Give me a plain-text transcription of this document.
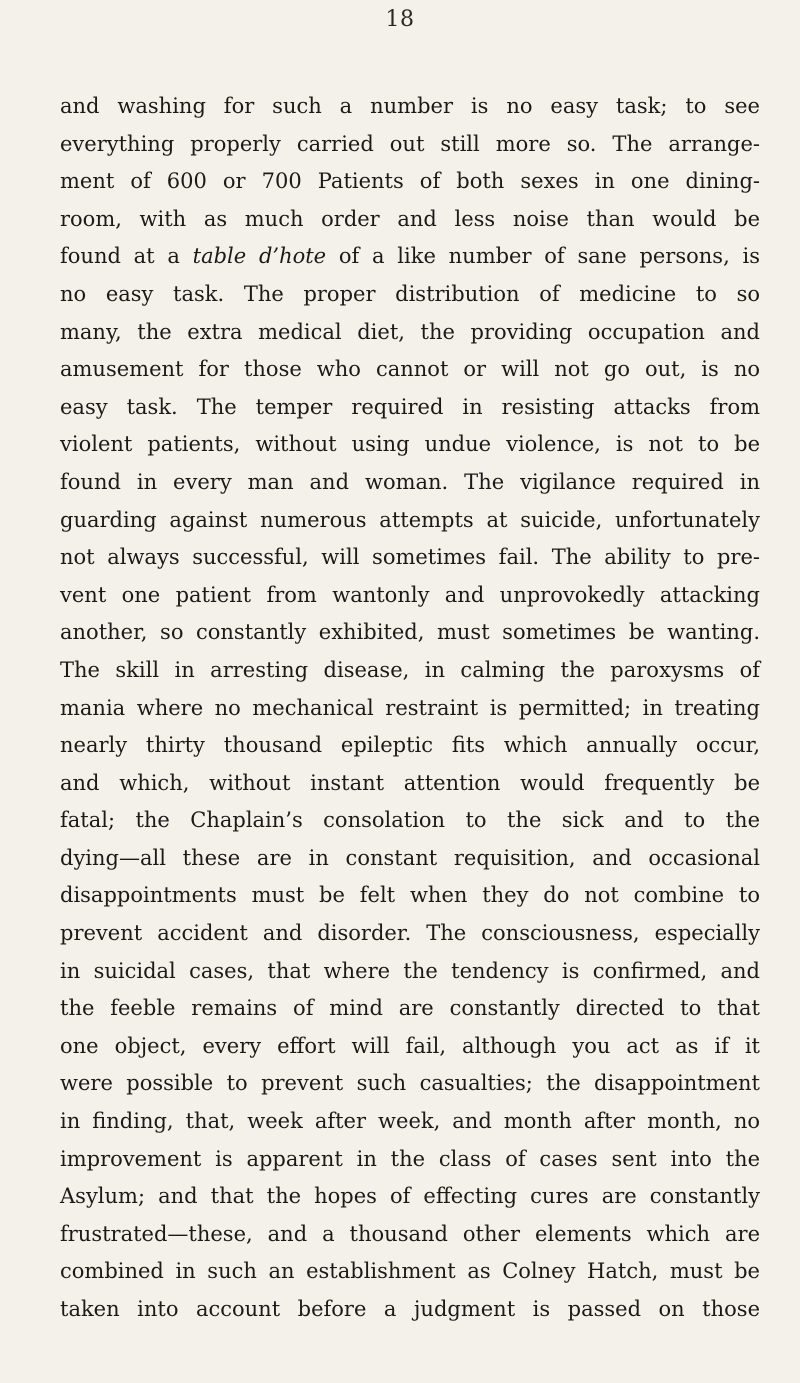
18
and washing for such a number is no easy task; to see
everything properly carried out still more so. The arrange-
ment of 600 or 700 Patients of both sexes in one dining-
room, with as much order and less noise than would be
found at a table d’hote of a like number of sane persons, is
no easy task. The proper distribution of medicine to so
many, the extra medical diet, the providing occupation and
amusement for those who cannot or will not go out, is no
easy task. The temper required in resisting attacks from
violent patients, without using undue violence, is not to be
found in every man and woman. The vigilance required in
guarding against numerous attempts at suicide, unfortunately
not always successful, will sometimes fail. The ability to pre-
vent one patient from wantonly and unprovokedly attacking
another, so constantly exhibited, must sometimes be wanting.
The skill in arresting disease, in calming the paroxysms of
mania where no mechanical restraint is permitted; in treating
nearly thirty thousand epileptic fits which annually occur,
and which, without instant attention would frequently be
fatal; the Chaplain’s consolation to the sick and to the
dying—all these are in constant requisition, and occasional
disappointments must be felt when they do not combine to
prevent accident and disorder. The consciousness, especially
in suicidal cases, that where the tendency is confirmed, and
the feeble remains of mind are constantly directed to that
one object, every effort will fail, although you act as if it
were possible to prevent such casualties; the disappointment
in finding, that, week after week, and month after month, no
improvement is apparent in the class of cases sent into the
Asylum; and that the hopes of effecting cures are constantly
frustrated—these, and a thousand other elements which are
combined in such an establishment as Colney Hatch, must be
taken into account before a judgment is passed on those
